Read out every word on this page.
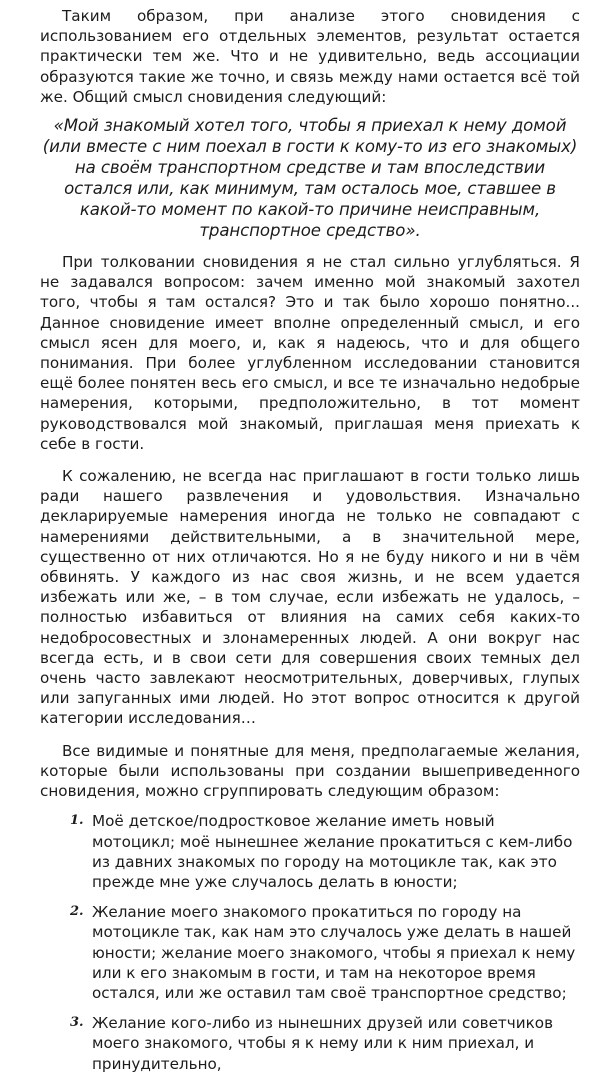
Таким образом, при анализе этого сновидения с использованием его отдельных элементов, результат остается практически тем же. Что и не удивительно, ведь ассоциации образуются такие же точно, и связь между нами остается всё той же. Общий смысл сновидения следующий:

«Мой знакомый хотел того, чтобы я приехал к нему домой (или вместе с ним поехал в гости к кому-то из его знакомых) на своём транспортном средстве и там впоследствии остался или, как минимум, там осталось мое, ставшее в какой-то момент по какой-то причине неисправным, транспортное средство».

При толковании сновидения я не стал сильно углубляться. Я не задавался вопросом: зачем именно мой знакомый захотел того, чтобы я там остался? Это и так было хорошо понятно... Данное сновидение имеет вполне определенный смысл, и его смысл ясен для моего, и, как я надеюсь, что и для общего понимания. При более углубленном исследовании становится ещё более понятен весь его смысл, и все те изначально недобрые намерения, которыми, предположительно, в тот момент руководствовался мой знакомый, приглашая меня приехать к себе в гости.

К сожалению, не всегда нас приглашают в гости только лишь ради нашего развлечения и удовольствия. Изначально декларируемые намерения иногда не только не совпадают с намерениями действительными, а в значительной мере, существенно от них отличаются. Но я не буду никого и ни в чём обвинять. У каждого из нас своя жизнь, и не всем удается избежать или же, – в том случае, если избежать не удалось, – полностью избавиться от влияния на самих себя каких-то недобросовестных и злонамеренных людей. А они вокруг нас всегда есть, и в свои сети для совершения своих темных дел очень часто завлекают неосмотрительных, доверчивых, глупых или запуганных ими людей. Но этот вопрос относится к другой категории исследования…

Все видимые и понятные для меня, предполагаемые желания, которые были использованы при создании вышеприведенного сновидения, можно сгруппировать следующим образом:

1. Моё детское/подростковое желание иметь новый мотоцикл; моё нынешнее желание прокатиться с кем-либо из давних знакомых по городу на мотоцикле так, как это прежде мне уже случалось делать в юности;

2. Желание моего знакомого прокатиться по городу на мотоцикле так, как нам это случалось уже делать в нашей юности; желание моего знакомого, чтобы я приехал к нему или к его знакомым в гости, и там на некоторое время остался, или же оставил там своё транспортное средство;

3. Желание кого-либо из нынешних друзей или советчиков моего знакомого, чтобы я к нему или к ним приехал, и принудительно,
